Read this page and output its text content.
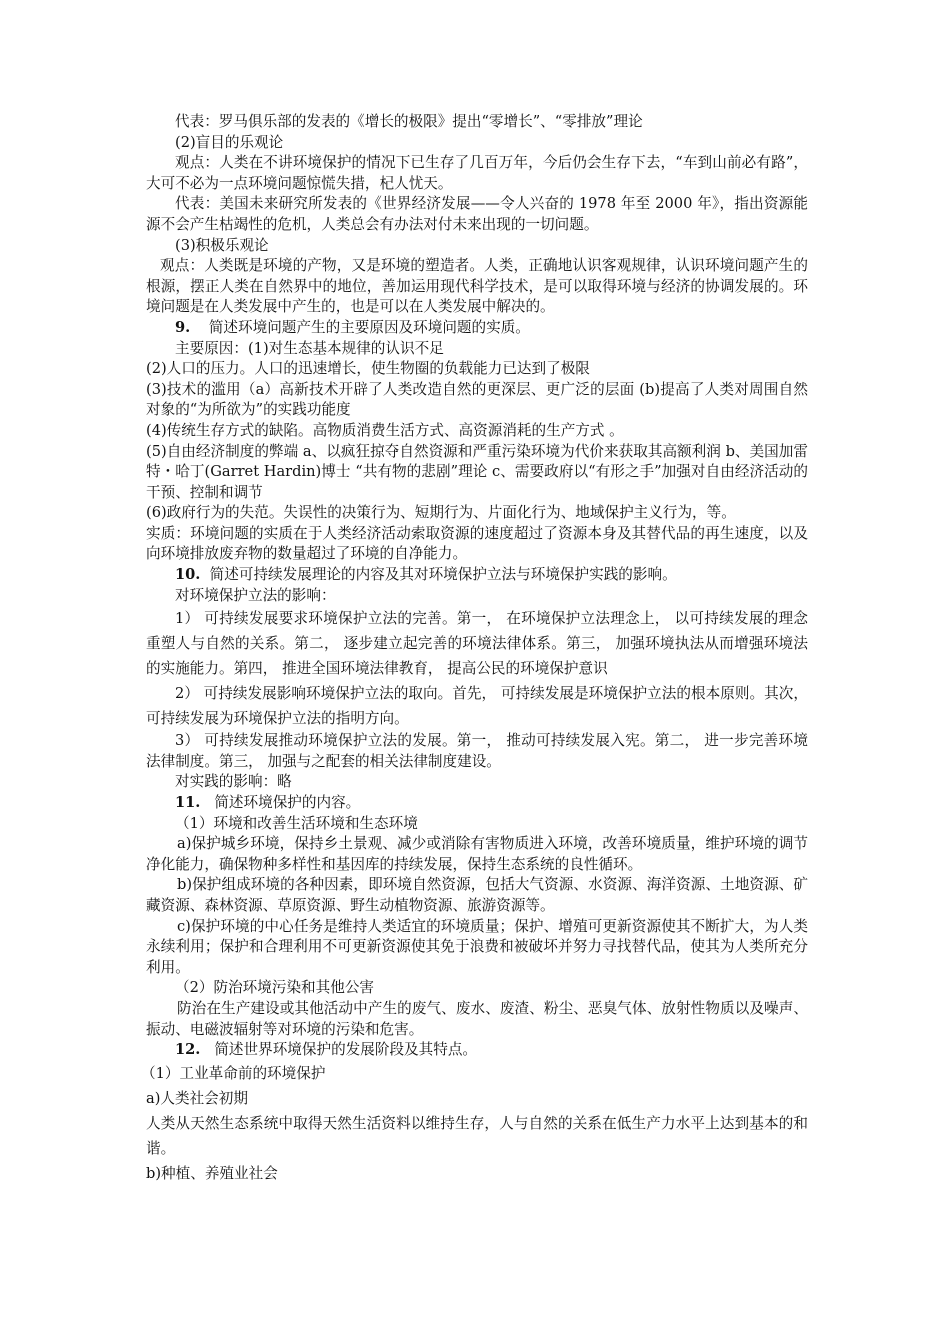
代表：罗马俱乐部的发表的《增长的极限》提出“零增长”、“零排放”理论

(2)盲目的乐观论

观点：人类在不讲环境保护的情况下已生存了几百万年，今后仍会生存下去，“车到山前必有路”，大可不必为一点环境问题惊慌失措，杞人忧天。

代表：美国未来研究所发表的《世界经济发展——令人兴奋的 1978 年至 2000 年》，指出资源能源不会产生枯竭性的危机，人类总会有办法对付未来出现的一切问题。

(3)积极乐观论

观点：人类既是环境的产物，又是环境的塑造者。人类，正确地认识客观规律，认识环境问题产生的根源，摆正人类在自然界中的地位，善加运用现代科学技术，是可以取得环境与经济的协调发展的。环境问题是在人类发展中产生的，也是可以在人类发展中解决的。

9. 简述环境问题产生的主要原因及环境问题的实质。

主要原因：(1)对生态基本规律的认识不足

(2)人口的压力。人口的迅速增长，使生物圈的负载能力已达到了极限

(3)技术的滥用（a）高新技术开辟了人类改造自然的更深层、更广泛的层面 (b)提高了人类对周围自然对象的“为所欲为”的实践功能度

(4)传统生存方式的缺陷。高物质消费生活方式、高资源消耗的生产方式 。

(5)自由经济制度的弊端 a、以疯狂掠夺自然资源和严重污染环境为代价来获取其高额利润 b、美国加雷特・哈丁(Garret Hardin)博士 “共有物的悲剧”理论 c、需要政府以“有形之手”加强对自由经济活动的干预、控制和调节

(6)政府行为的失范。失误性的决策行为、短期行为、片面化行为、地域保护主义行为，等。

实质：环境问题的实质在于人类经济活动索取资源的速度超过了资源本身及其替代品的再生速度，以及向环境排放废弃物的数量超过了环境的自净能力。

10. 简述可持续发展理论的内容及其对环境保护立法与环境保护实践的影响。

对环境保护立法的影响：

1） 可持续发展要求环境保护立法的完善。第一， 在环境保护立法理念上， 以可持续发展的理念重塑人与自然的关系。第二， 逐步建立起完善的环境法律体系。第三， 加强环境执法从而增强环境法的实施能力。第四， 推进全国环境法律教育， 提高公民的环境保护意识

2） 可持续发展影响环境保护立法的取向。首先， 可持续发展是环境保护立法的根本原则。其次， 可持续发展为环境保护立法的指明方向。

3） 可持续发展推动环境保护立法的发展。第一， 推动可持续发展入宪。第二， 进一步完善环境法律制度。第三， 加强与之配套的相关法律制度建设。

对实践的影响：略

11. 简述环境保护的内容。

（1）环境和改善生活环境和生态环境

a)保护城乡环境，保持乡土景观、减少或消除有害物质进入环境，改善环境质量，维护环境的调节净化能力，确保物种多样性和基因库的持续发展，保持生态系统的良性循环。

b)保护组成环境的各种因素，即环境自然资源，包括大气资源、水资源、海洋资源、土地资源、矿藏资源、森林资源、草原资源、野生动植物资源、旅游资源等。

c)保护环境的中心任务是维持人类适宜的环境质量；保护、增殖可更新资源使其不断扩大，为人类永续利用；保护和合理利用不可更新资源使其免于浪费和被破坏并努力寻找替代品，使其为人类所充分利用。

（2）防治环境污染和其他公害

防治在生产建设或其他活动中产生的废气、废水、废渣、粉尘、恶臭气体、放射性物质以及噪声、振动、电磁波辐射等对环境的污染和危害。

12. 简述世界环境保护的发展阶段及其特点。

（1）工业革命前的环境保护

a)人类社会初期

人类从天然生态系统中取得天然生活资料以维持生存，人与自然的关系在低生产力水平上达到基本的和谐。

b)种植、养殖业社会
